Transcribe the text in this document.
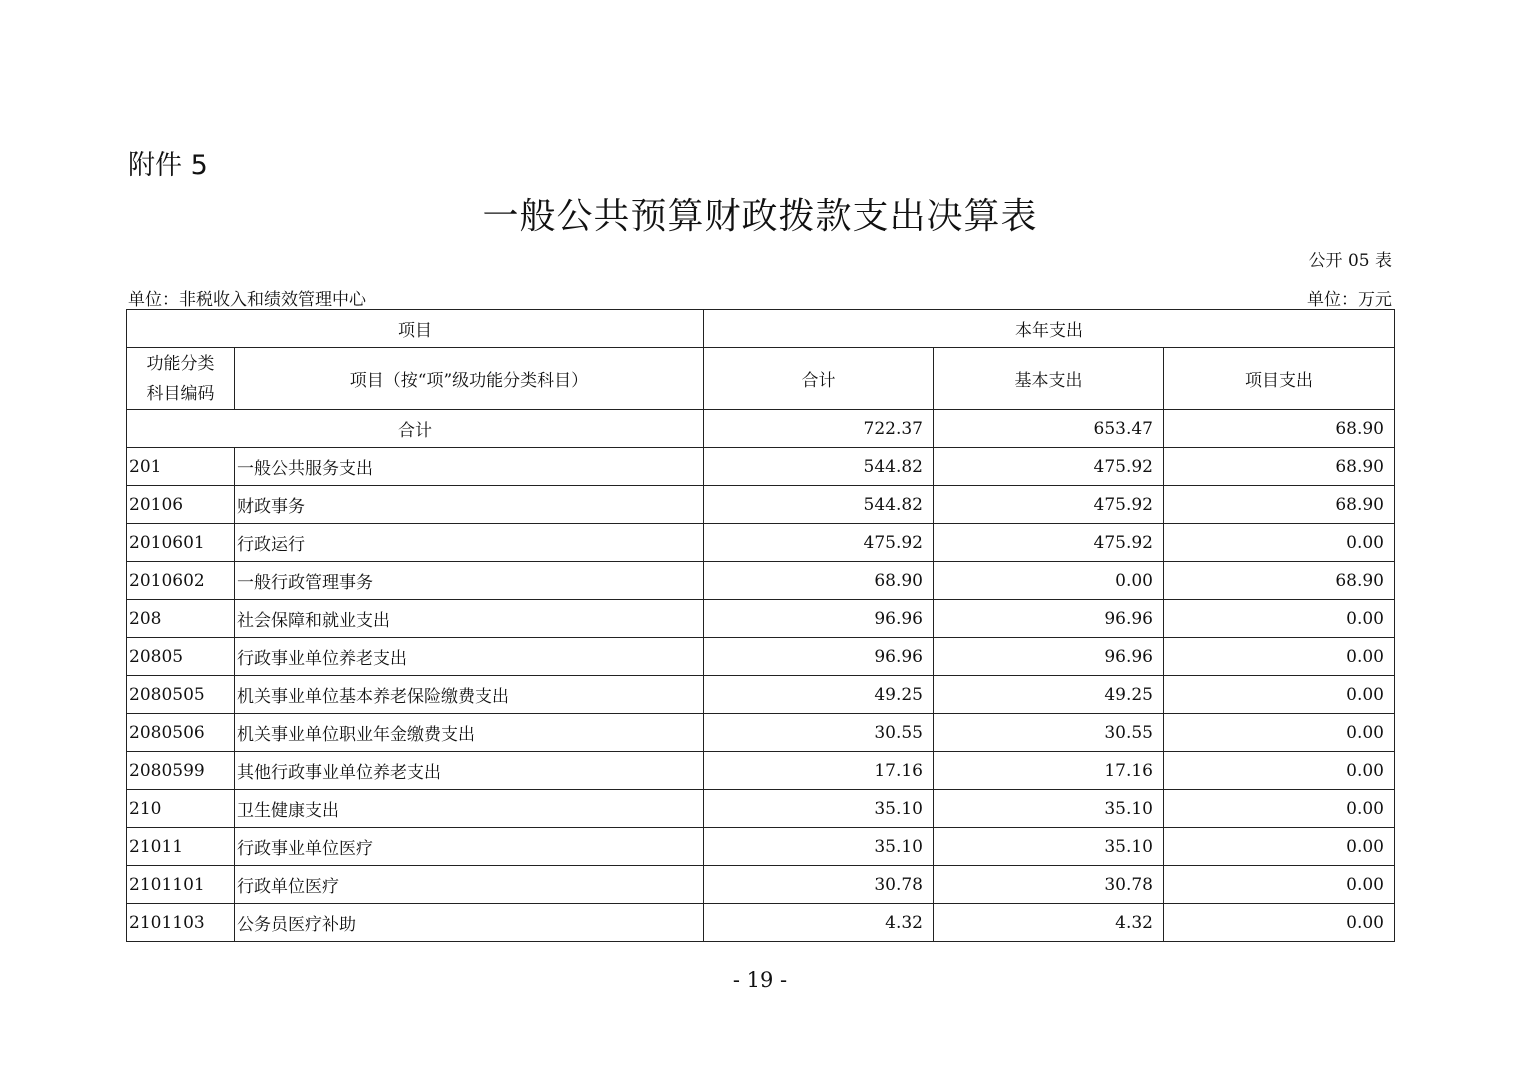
附件 5
一般公共预算财政拨款支出决算表
公开 05 表
单位：非税收入和绩效管理中心	单位：万元
项目		本年支出		
功能分类科目编码	项目（按“项”级功能分类科目）	合计	基本支出	项目支出
合计		722.37	653.47	68.90
201	一般公共服务支出	544.82	475.92	68.90
20106	财政事务	544.82	475.92	68.90
2010601	行政运行	475.92	475.92	0.00
2010602	一般行政管理事务	68.90	0.00	68.90
208	社会保障和就业支出	96.96	96.96	0.00
20805	行政事业单位养老支出	96.96	96.96	0.00
2080505	机关事业单位基本养老保险缴费支出	49.25	49.25	0.00
2080506	机关事业单位职业年金缴费支出	30.55	30.55	0.00
2080599	其他行政事业单位养老支出	17.16	17.16	0.00
210	卫生健康支出	35.10	35.10	0.00
21011	行政事业单位医疗	35.10	35.10	0.00
2101101	行政单位医疗	30.78	30.78	0.00
2101103	公务员医疗补助	4.32	4.32	0.00
- 19 -
